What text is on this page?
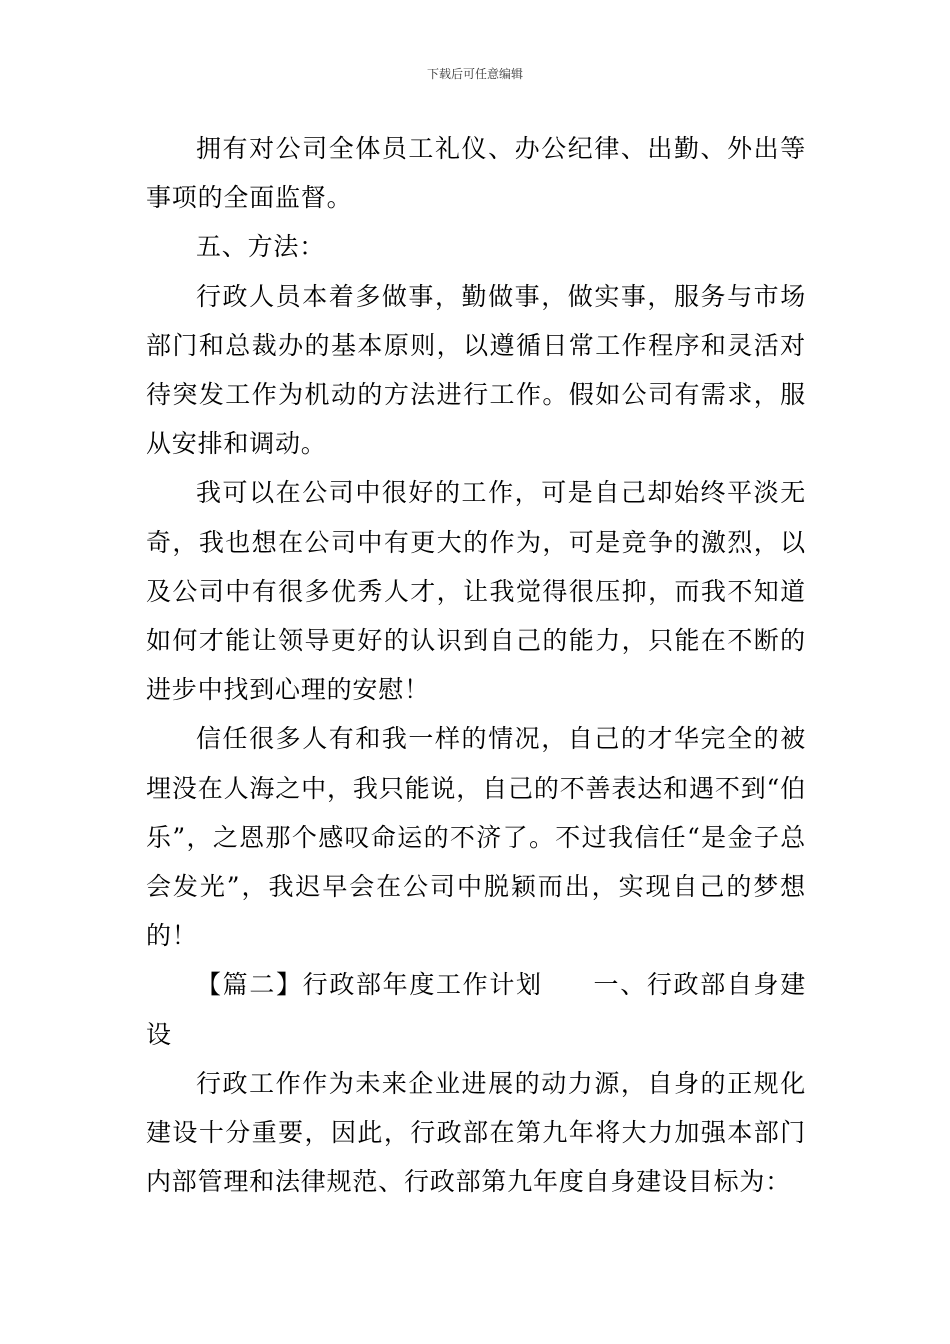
下载后可任意编辑

拥有对公司全体员工礼仪、办公纪律、出勤、外出等事项的全面监督。

五、方法：

行政人员本着多做事，勤做事，做实事，服务与市场部门和总裁办的基本原则，以遵循日常工作程序和灵活对待突发工作为机动的方法进行工作。假如公司有需求，服从安排和调动。

我可以在公司中很好的工作，可是自己却始终平淡无奇，我也想在公司中有更大的作为，可是竞争的激烈，以及公司中有很多优秀人才，让我觉得很压抑，而我不知道如何才能让领导更好的认识到自己的能力，只能在不断的进步中找到心理的安慰！

信任很多人有和我一样的情况，自己的才华完全的被埋没在人海之中，我只能说，自己的不善表达和遇不到“伯乐”，之恩那个感叹命运的不济了。不过我信任“是金子总会发光”，我迟早会在公司中脱颖而出，实现自己的梦想的！

【篇二】行政部年度工作计划 一、行政部自身建设

行政工作作为未来企业进展的动力源，自身的正规化建设十分重要，因此，行政部在第九年将大力加强本部门内部管理和法律规范、行政部第九年度自身建设目标为：
